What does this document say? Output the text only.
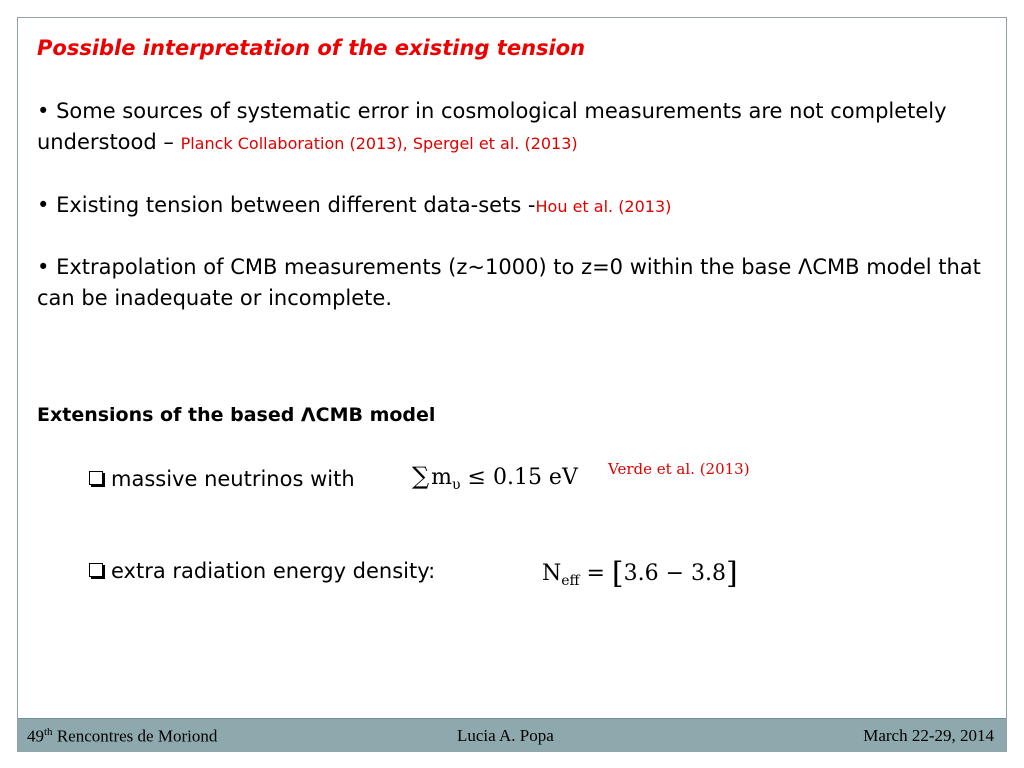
Possible interpretation of the existing tension
• Some sources of systematic error in cosmological measurements are not completely understood – Planck Collaboration (2013), Spergel et al. (2013)
• Existing tension between different data-sets -Hou et al. (2013)
• Extrapolation of CMB measurements (z~1000) to z=0 within the base ΛCMB model that can be inadequate or incomplete.
Extensions of the based ΛCMB model
massive neutrinos with $\sum m_\upsilon \le 0.15$ eV Verde et al. (2013)
extra radiation energy density:	$N_{eff} = [3.6 - 3.8]$
49th Rencontres de Moriond	Lucia A. Popa	March 22-29, 2014
